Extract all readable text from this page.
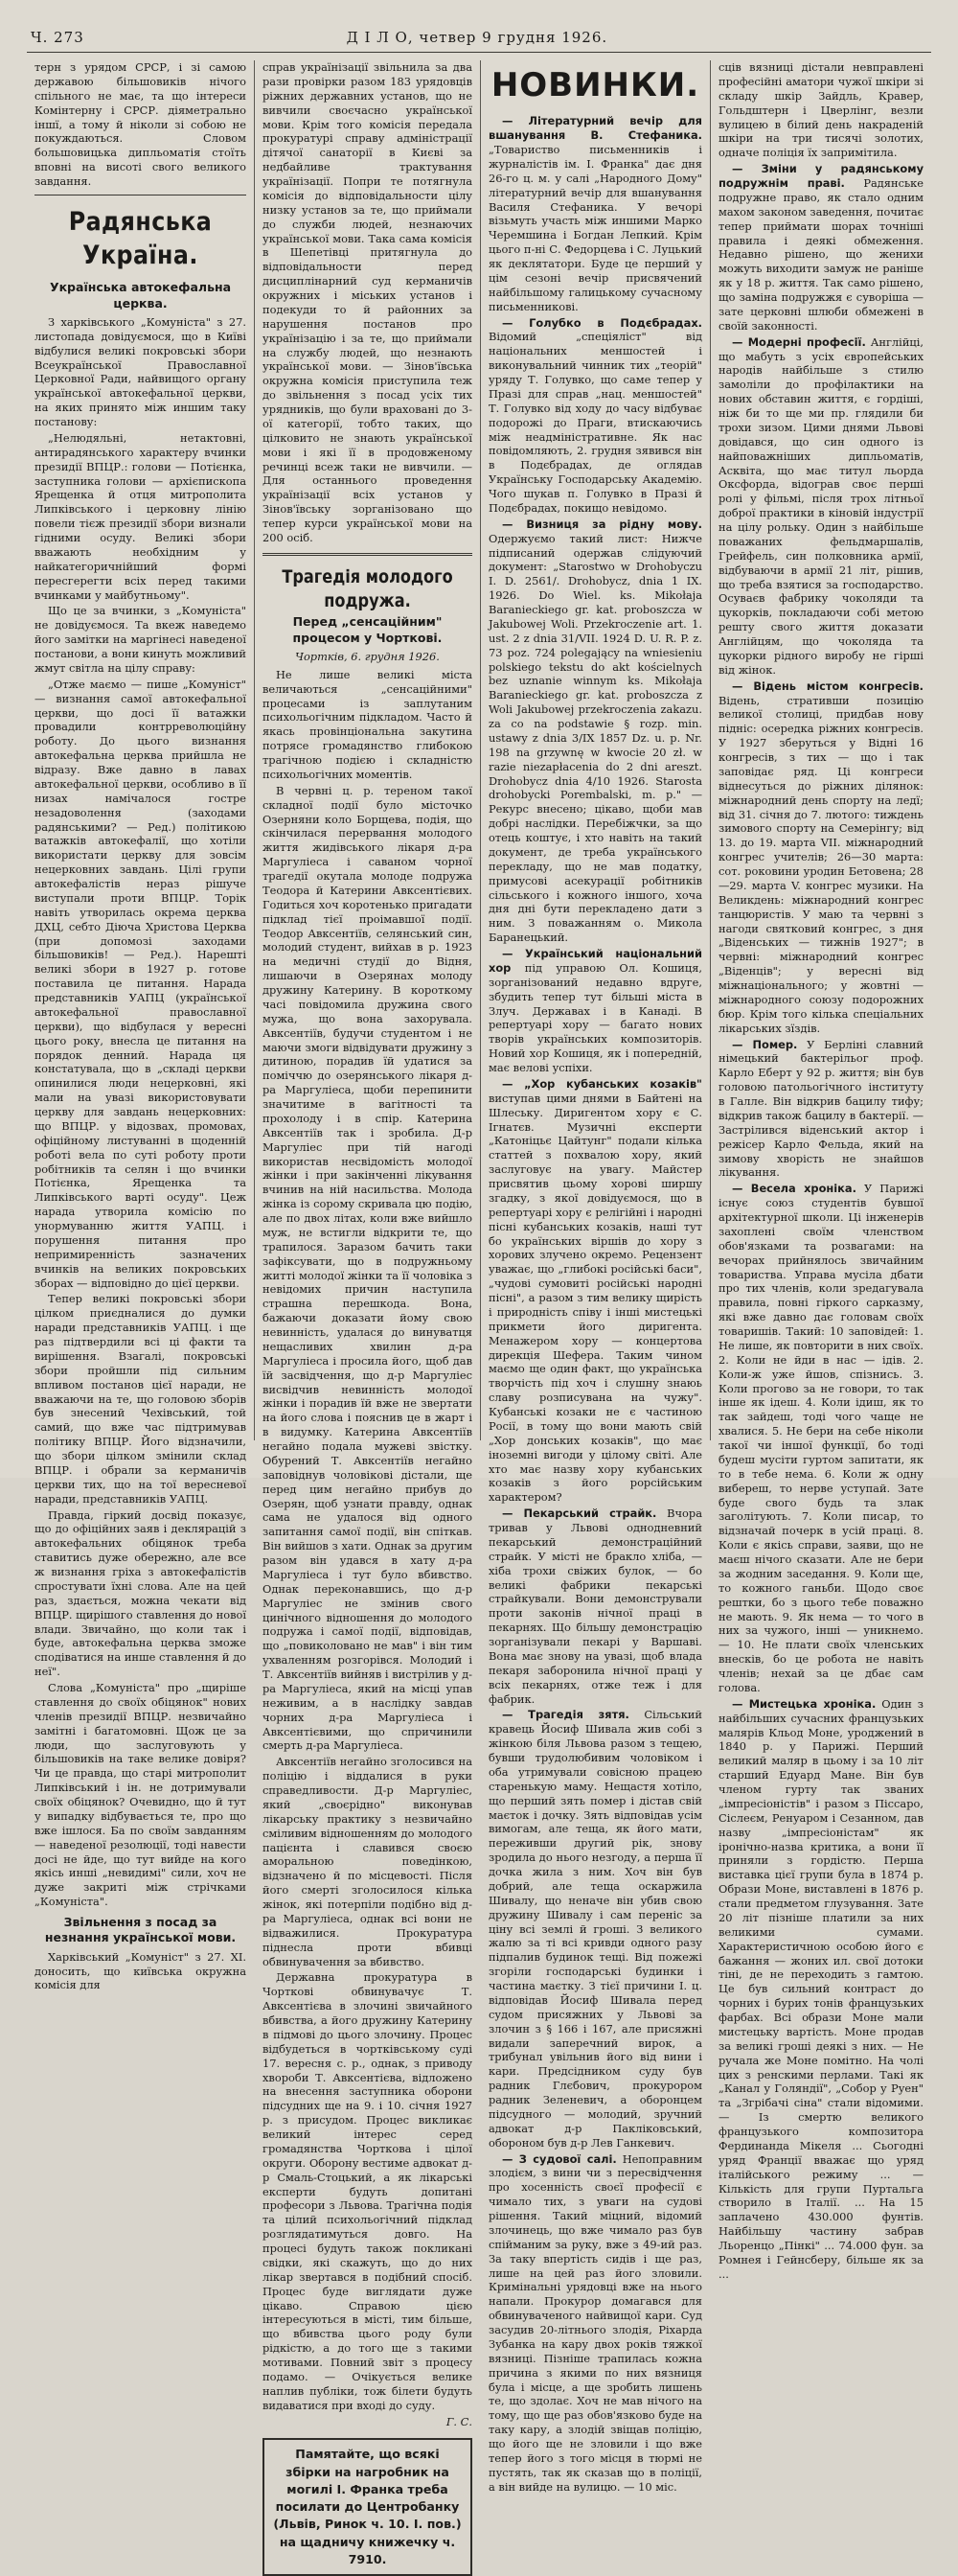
Ч. 273	Д І Л О, четвер 9 грудня 1926.

терн з урядом СРСР, і зі самою державою більшовиків нічого спільного не має, та що інтереси Комінтерну і СРСР. діяметрально іншї, а тому й ніколи зі собою не покуждаються. Словом большовицька дипльоматія стоїть вповні на висоті свого великого завдання.

Радянська Україна.
Українська автокефальна церква.

З харківського „Комуніста" з 27. листопада довідуємося, що в Київі відбулися великі покровські збори Всеукраїнської Православної Церковної Ради, найвищого органу української автокефальної церкви, на яких принято між иншим таку постанову:

„Нелюдяльні, нетактовні, антирадянського характеру вчинки президії ВПЦР.: голови — Потієнка, заступника голови — архієпископа Ярещенка й отця митрополита Липківського і церковну лінію повели тієж президії збори визнали гідними осуду. Великі збори вважають необхідним у найкатегоричнійший формі пересгерегти всіх перед такими вчинками у майбутньому".

Що це за вчинки, з „Комуніста" не довідуємося. Та вкеж наведемо його замітки на маргінесі наведеної постанови, а вони кинуть можливий жмут світла на цілу справу:

„Отже маємо — пише „Комуніст" — визнання самої автокефальної церкви, що досі її ватажки провадили контрреволюційну роботу. До цього визнання автокефальна церква прийшла не відразу. Вже давно в лавах автокефальної церкви, особливо в її низах намічалося гостре незадоволення (заходами радянськими? — Ред.) політикою ватажків автокефалії, що хотіли використати церкву для зовсім нецерковних завдань. Цілі групи автокефалістів нераз рішуче виступали проти ВПЦР. Торік навіть утворилась окрема церква ДХЦ, себто Діюча Христова Церква (при допомозі заходами більшовиків! — Ред.). Нарешті великі збори в 1927 р. готове поставила це питання. Нарада представників УАПЦ (української автокефальної православної церкви), що відбулася у вересні цього року, внесла це питання на порядок денний. Нарада ця констатувала, що в „складі церкви опинилися люди нецерковні, які мали на увазі використовувати церкву для завдань нецерковних: що ВПЦР. у відозвах, промовах, офіційному листуванні в щоденній роботі вела по суті роботу проти робітників та селян і що вчинки Потієнка, Ярещенка та Липківського варті осуду". Цеж нарада утворила комісію по унормуванню життя УАПЦ. і порушення питання про непримиренність зазначених вчинків на великих покровських зборах — відповідно до цієї церкви.

Тепер великі покровські збори цілком приєдналися до думки наради представників УАПЦ. і ще раз підтвердили всі ці факти та вирішення. Взагалі, покровські збори пройшли під сильним впливом постанов цієї наради, не вважаючи на те, що головою зборів був знесений Чехівський, той самий, що вже час підтримував політику ВПЦР. Його відзначили, що збори цілком змінили склад ВПЦР. і обрали за керманичів церкви тих, що на тої вересневої наради, представників УАПЦ.

Правда, гіркий досвід показує, що до офіційних заяв і деклярацій з автокефальних обіцянок треба ставитись дуже обережно, але все ж визнання гріха з автокефалістів спростувати їхні слова. Але на цей раз, здається, можна чекати від ВПЦР. щирішого ставлення до нової влади. Звичайно, що коли так і буде, автокефальна церква зможе сподіватися на инше ставлення й до неї".

Слова „Комуніста" про „щиріше ставлення до своїх обіцянок" нових членів президії ВПЦР. незвичайно замітні і багатомовні. Щож це за люди, що заслуговують у більшовиків на таке велике довіря? Чи це правда, що старі митрополит Липківський і ін. не дотримували своїх обіцянок? Очевидно, що й тут у випадку відбувається те, про що вже ішлося. Ба по своїм завданням — наведеної резолюції, тоді навести досі не йде, що тут вийде на кого якісь инші „невидимі" сили, хоч не дуже закриті між стрічками „Комуніста".

Звільнення з посад за незнання української мови.

Харківський „Комуніст" з 27. XI. доносить, що київська окружна комісія для

справ українізації звільнила за два рази провірки разом 183 урядовців ріжних державних установ, що не вивчили своєчасно української мови. Крім того комісія передала прокуратурі справу адміністрації дітячої санаторії в Києві за недбайливе трактування українізації. Попри те потягнула комісія до відповідальности цілу низку установ за те, що приймали до служби людей, незнаючих української мови. Така сама комісія в Шепетівці притягнула до відповідальности перед дисциплінарний суд керманичів окружних і міських установ і подекуди то й районних за нарушення постанов про українізацію і за те, що приймали на службу людей, що незнають української мови. — Зінов'ївська окружна комісія приступила теж до звільнення з посад усіх тих урядників, що були враховані до 3-ої категорії, тобто таких, що цілковито не знають української мови і які її в продовженому речинці всеж таки не вивчили. — Для останнього проведення українізації всіх установ у Зінов'ївську зорганізовано що тепер курси української мови на 200 осіб.

Трагедія молодого подружа.
Перед „сенсаційним" процесом у Чорткові.
Чортків, 6. грудня 1926.

Не лише великі міста величаються „сенсаційними" процесами із заплутаним психольогічним підкладом. Часто й якась провінціональна закутина потрясе громадянство глибокою трагічною подією і складністю психольогічних моментів.

В червні ц. р. тереном такої складної події було місточко Озерняни коло Борщева, подія, що скінчилася перервання молодого життя жидівського лікаря д-ра Маргуліеса і саваном чорної трагедії окутала молоде подружа Теодора й Катерини Авксентієвих. Годиться хоч коротенько пригадати підклад тієї проімавшої події. Теодор Авксентіїв, селянський син, молодий студент, вийхав в р. 1923 на медичні студії до Відня, лишаючи в Озерянах молоду дружину Катерину. В короткому часі повідомила дружина свого мужа, що вона захорувала. Авксентіїв, будучи студентом і не маючи змоги відвідувати дружину з дитиною, порадив їй удатися за поміччю до озерянського лікаря д-ра Маргуліеса, щоби перепинити значитиме в вагітності та прохолоду і в спір. Катерина Авксентіїв так і зробила. Д-р Маргуліес при тій нагоді використав несвідомість молодої жінки і при закінченні лікування вчинив на ній насильства. Молода жінка із сорому скривала цю подію, але по двох літах, коли вже вийшло муж, не встигли відкрити те, що трапилося. Заразом бачить таки зафіксувати, що в подружньому житті молодої жінки та її чоловіка з невідомих причин наступила страшна перешкода. Вона, бажаючи доказати йому свою невинність, удалася до винуватця нещасливих хвилин д-ра Маргуліеса і просила його, щоб дав їй засвідчення, що д-р Маргуліес висвідчив невинність молодої жінки і порадив їй вже не звертати на його слова і пояснив це в жарт і в видумку. Катерина Авксентіїв негайно подала мужеві звістку. Обурений Т. Авксентіїв негайно заповіднув чоловікові дістали, ще перед цим негайно прибув до Озерян, щоб узнати правду, однак сама не удалося від одного запитання самої події, він спіткав. Він вийшов з хати. Однак за другим разом він удався в хату д-ра Маргуліеса і тут було вбивство. Однак переконавшись, що д-р Маргуліес не змінив свого цинічного відношення до молодого подружа і самої події, відповідав, що „повиколовано не мав" і він тим ухваленням розгорівся. Молодий і Т. Авксентіїв вийняв і вистрілив у д-ра Маргуліеса, який на місці упав неживим, а в наслідку завдав чорних д-ра Маргуліеса і Авксентієвими, що спричинили смерть д-ра Маргуліеса.

Авксентіїв негайно зголосився на поліцію і віддалися в руки справедливости. Д-р Маргуліес, який „своєрідно" виконував лікарську практику з незвичайно сміливим відношенням до молодого пацієнта і славився своєю аморальною поведінкою, відзначено й по місцевості. Після його смерті зголосилося кілька жінок, які потерпіли подібно від д-ра Маргуліеса, однак всі вони не відважилися. Прокуратура піднесла проти вбивці обвинувачення за вбивство.

Державна прокуратура в Чорткові обвинувачує Т. Авксентієва в злочині звичайного вбивства, а його дружину Катерину в підмові до цього злочину. Процес відбудеться в чортківському суді 17. вересня с. р., однак, з приводу хвороби Т. Авксентієва, відложено на внесення заступника оборони підсудних ще на 9. і 10. січня 1927 р. з присудом. Процес викликає великий інтерес серед громадянства Чорткова і цілої округи. Оборону вестиме адвокат д-р Смаль-Стоцький, а як лікарські експерти будуть допитані професори з Львова. Трагічна подія та цілий психольогічний підклад розглядатимуться довго. На процесі будуть також покликані свідки, які скажуть, що до них лікар звертався в подібний спосіб. Процес буде виглядати дуже цікаво. Справою цією інтересуються в місті, тим більше, що вбивства цього роду були рідкістю, а до того ще з такими мотивами. Повний звіт з процесу подамо. — Очікується велике наплив публіки, тож білети будуть видаватися при вході до суду.

Г. С.
Памятайте, що всякі збірки на нагробник на могилі І. Франка треба посилати до Центробанку (Львів, Ринок ч. 10. І. пов.) на щадничу книжечку ч. 7910.
НОВИНКИ.

— Літературний вечір для вшанування В. Стефаника. „Товариство письменників і журналістів ім. І. Франка" дає дня 26-го ц. м. у салі „Народного Дому" літературний вечір для вшанування Василя Стефаника. У вечорі візьмуть участь між иншими Марко Черемшина і Богдан Лепкий. Крім цього п-ні С. Федорцева і С. Луцький як деклятатори. Буде це перший у цім сезоні вечір присвячений найбільшому галицькому сучасному письменникові.

— Голубко в Подєбрадах. Відомий „спеціяліст" від національних меншостей і виконувальний чинник тих „теорій" уряду Т. Голувко, що саме тепер у Празі для справ „нац. меншостей" Т. Голувко від ходу до часу відбуває подорожі до Праги, втискаючись між неадміністративне. Як нас повідомляють, 2. грудня зявився він в Подєбрадах, де оглядав Українську Господарську Академію. Чого шукав п. Голувко в Празі й Подєбрадах, покищо невідомо.

— Визниця за рідну мову. Одержуємо такий лист: Нижче підписаний одержав слідуючий документ: „Starostwo w Drohobyczu I. D. 2561/. Drohobycz, dnia 1 IX. 1926. Do Wiel. ks. Mikołaja Baranieckiego gr. kat. proboszcza w Jakubowej Woli. Przekroczenie art. 1. ust. 2 z dnia 31/VII. 1924 D. U. R. P. z. 73 poz. 724 polegający na wniesieniu polskiego tekstu do akt kościelnych bez uznanie winnym ks. Mikołaja Baranieckiego gr. kat. proboszcza z Woli Jakubowej przekroczenia zakazu. za co na podstawie § rozp. min. ustawy z dnia 3/IX 1857 Dz. u. p. Nr. 198 na grzywnę w kwocie 20 zł. w razie niezapłacenia do 2 dni areszt. Drohobycz dnia 4/10 1926. Starosta drohobycki Porembalski, m. p." — Рекурс внесено; цікаво, щоби мав добрі наслідки. Перебіжчки, за що отець коштує, і хто навіть на такий документ, де треба українського перекладу, що не мав податку, примусові асекурації робітників сільського і кожного іншого, хоча дня дні бути перекладено дати з ним. З поважанням о. Микола Баранецький.

— Український національний хор під управою Ол. Кошиця, зорганізований недавно вдруге, збудить тепер тут більші міста в Злуч. Державах і в Канаді. В репертуарі хору — багато нових творів українських композиторів. Новий хор Кошиця, як і попередній, має велові успіхи.

— „Хор кубанських козаків" виступав цими днями в Байтені на Шлеську. Диригентом хору є С. Ігнатєв. Музичні експерти „Катоніцьє Цайтунг" подали кілька статтей з похвалою хору, який заслуговує на увагу. Майстер присвятив цьому хорові ширшу згадку, з якої довідуємося, що в репертуарі хору є релігійні і народні пісні кубанських козаків, наші тут бо українських віршів до хору з хорових злучено окремо. Рецензент уважає, що „глибокі російські баси", „чудові сумовиті російські народні пісні", а разом з тим велику щирість і природність співу і інші мистецькі прикмети його диригента. Менажером хору — концертова дирекція Шефера. Таким чином маємо ще один факт, що українська творчість під хоч і слушну знаюь славу розписувана на чужу". Кубанські козаки не є частиною Росії, в тому що вони мають свій „Хор донських козаків", що має іноземні вигоди у цілому світі. Але хто має назву хору кубанських козаків з його рорсійським характером?

— Пекарський страйк. Вчора тривав у Львові однодневний пекарський демонстраційний страйк. У місті не бракло хліба, — хіба трохи свіжих булок, — бо великі фабрики пекарські страйкували. Вони демонстрували проти законів нічної праці в пекарнях. Що більшу демонстрацію зорганізували пекарі у Варшаві. Вона має знову на увазі, щоб влада пекаря заборонила нічної праці у всіх пекарнях, отже теж і для фабрик.

— Трагедія зятя. Сільський кравець Йосиф Шивала жив собі з жінкою біля Львова разом з тещею, бувши трудолюбивим чоловіком і оба утримували совісною працею старенькую маму. Нещастя хотіло, що перший зять помер і дістав свій маєток і дочку. Зять відповідав усім вимогам, але теща, як його мати, переживши другий рік, знову зродила до нього незгоду, а перша її дочка жила з ним. Хоч він був добрий, але теща оскаржила Шивалу, що неначе він убив свою дружину Шивалу і сам переніс за ціну всі землі й гроші. З великого жалю за ті всі кривди одного разу підпалив будинок тещі. Від пожежі згоріли господарські будинки і частина маєтку. З тієї причини І. ц. відповідав Йосиф Шивала перед судом присяжних у Львові за злочин з § 166 і 167, але присяжні видали заперечний вирок, а трибунал увільнив його від вини і кари. Предсідником суду був радник Глєбович, прокурором радник Зеленевич, а оборонцем підсудного — молодий, зручний адвокат д-р Пакліковський, обороном був д-р Лев Ганкевич.

— З судової салі. Непоправним злодієм, з вини чи з пересвідчення про хосенність своєї професії є чимало тих, з уваги на судові рішення. Такий міцний, відомий злочинець, що вже чимало раз був спійманим за руку, вже з 49-ий раз. За таку впертість сидів і ще раз, лише на цей раз його зловили. Кримінальні урядовці вже на нього напали. Прокурор домагався для обвинуваченого найвищої кари. Суд засудив 20-літнього злодія, Ріхарда Зубанка на кару двох років тяжкої вязниці. Пізніше трапилась кожна причина з якими по них вязниця була і місце, а ще зробить лишень те, що здолає. Хоч не мав нічого на тому, що ще раз обов'язково буде на таку кару, а злодій звіщав поліцію, що його ще не зловили і що вже тепер його з того місця в тюрмі не пустять, так як сказав що в поліції, а він вийде на вулицю. — 10 міс.

сців вязниці дістали невправлені професійні аматори чужої шкіри зі складу шкір Зайдль, Кравер, Гольдштерн і Цверлінг, везли вулицею в білий день накраденій шкіри на три тисячі золотих, одначе поліція їх запримітила.

— Зміни у радянському подружнім праві. Радянське подружне право, як стало одним махом законом заведення, почитає тепер приймати шорах точніші правила і деякі обмеження. Недавно рішено, що женихи можуть виходити замуж не раніше як у 18 р. життя. Так само рішено, що заміна подружжя є суворіша — зате церковні шлюби обмежені в своїй законності.

— Модерні професії. Англійці, що мабуть з усіх європейських народів найбільше з стилю замоліли до профілактики на нових обставин життя, є гордіші, ніж би то ще ми пр. глядили би трохи зизом. Цими днями Львові довідався, що син одного із найповажніших дипльоматів, Асквіта, що має титул льорда Оксфорда, відограв своє перші ролі у фільмі, після трох літньої доброї практики в кіновій індустрії на цілу рольку. Один з найбільше поважаних фельдмаршалів, Грейфель, син полковника армії, відбуваючи в армії 21 літ, рішив, що треба взятися за господарство. Осуваєв фабрику чоколяди та цукорків, покладаючи собі метою решту свого життя доказати Англійцям, що чоколяда та цукорки рідного виробу не гірші від жінок.

— Відень містом конгресів. Відень, стративши позицію великої столиці, придбав нову підніс: осередка ріжних конгресів. У 1927 зберуться у Відні 16 конгресів, з тих — що і так заповідає ряд. Ці конгреси віднесуться до ріжних ділянок: міжнародний день спорту на ледї; від 31. січня до 7. лютого: тиждень зимового спорту на Семерінгу; від 13. до 19. марта VII. міжнародний конгрес учителів; 26—30 марта: сот. роковини уродин Бетовена; 28—29. марта V. конгрес музики. На Великдень: міжнародний конгрес танцюристів. У маю та червні з нагоди святковий конгрес, з дня „Віденських — тижнів 1927"; в червні: міжнародний конгрес „Віденців"; у вересні від міжнаціонального; у жовтні — міжнародного союзу подорожних бюр. Крім того кілька спеціальних лікарських зїздів.

— Помер. У Берліні славний німецький бактерільог проф. Карло Еберт у 92 р. життя; він був головою патольогічного інституту в Галле. Він відкрив бацилу тифу; відкрив також бацилу в бактерії. — Застрілився віденський актор і режісер Карло Фельда, який на зимову хворість не знайшов лікування.

— Весела хроніка. У Парижі існує союз студентів бувшої архітектурної школи. Ці інженерів захоплені своїм членством обов'язками та розвагами: на вечорах прийнялось звичайним товариства. Управа мусіла дбати про тих членів, коли зредагувала правила, повні гіркого сарказму, які вже давно дає головам своїх товаришів. Такий: 10 заповідей: 1. Не лише, як повторити в них своїх. 2. Коли не йди в нас — ідів. 2. Коли-ж уже йшов, спізнись. 3. Коли прогово за не говори, то так інше як ідеш. 4. Коли ідиш, як то так зайдеш, тоді чого чаще не хвалися. 5. Не бери на себе ніколи такої чи іншої функції, бо тоді будеш мусіти гуртом запитати, як то в тебе нема. 6. Коли ж одну вибереш, то нерве уступай. Зате буде свого будь та злак заголітують. 7. Коли писар, то відзначай почерк в усій праці. 8. Коли є якісь справи, заяви, що не маєш нічого сказати. Але не бери за жодним заседання. 9. Коли ще, то кожного ганьби. Щодо своє рештки, бо з цього тебе поважно не мають. 9. Як нема — то чого в них за чужого, інші — уникнемо. — 10. Не плати своїх членських внесків, бо це робота не навіть членів; нехай за це дбає сам голова.

— Мистецька хроніка. Один з найбільших сучасних французьких малярів Кльод Моне, уроджений в 1840 р. у Парижі. Перший великий маляр в цьому і за 10 літ старший Едуард Мане. Він був членом гурту так званих „імпресіоністів" і разом з Піссаро, Сіслеєм, Ренуаром і Сезанном, дав назву „імпресіоністам" як іронічно-назва критика, а вони її приняли з гордістю. Перша виставка цієї групи була в 1874 р. Образи Моне, виставлені в 1876 р. стали предметом глузування. Зате 20 літ пізніше платили за них великими сумами. Характеристичною особою його є бажання — жоних ил. свої дотоки тіні, де не переходить з гамтою. Це був сильний контраст до чорних і бурих тонів французьких фарбах. Всі образи Моне мали мистецьку вартість. Моне продав за великі гроші деякі з них. — Не ручала же Моне помітно. На чолі цих з ренскими перлами. Такі як „Канал у Голяндії", „Собор у Руен" та „Згрібачі сіна" стали відомими. — Із смертю великого французького композитора Фердинанда Мікеля ... Сьогодні уряд Франції вважає що уряд італійського режиму ... — Кількість для групи Пуртальга створило в Італії. ... На 15 заплачено 430.000 фунтів. Найбільшу частину забрав Льоренцо „Пінкі" ... 74.000 фун. за Ромнея і Гейнсберу, більше як за ...
